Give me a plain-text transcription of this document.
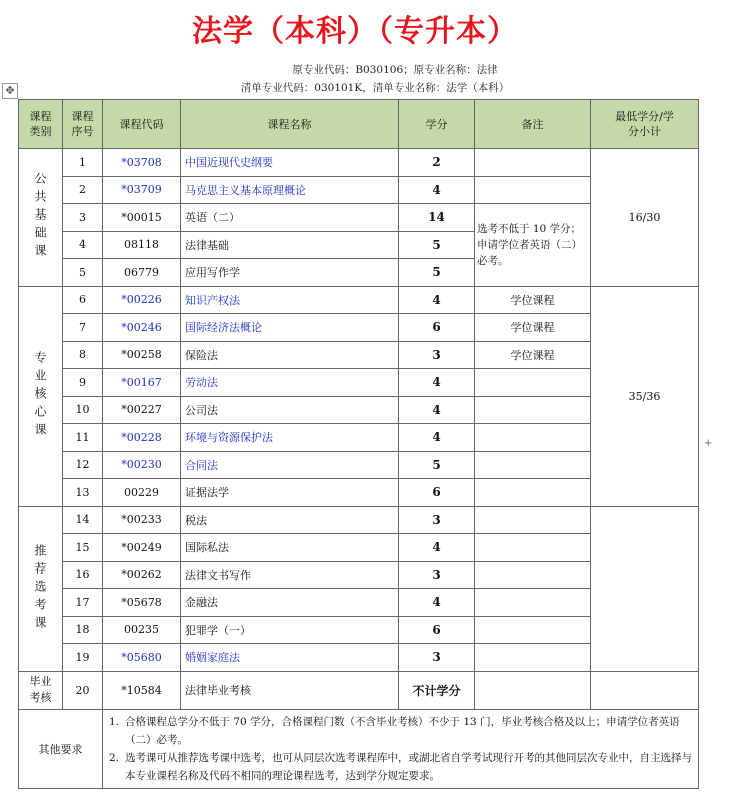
法学（本科）（专升本）
原专业代码：B030106；原专业名称：法律
清单专业代码：030101K，清单专业名称：法学（本科）
✥
+
课程类别	课程序号	课程代码	课程名称	学分	备注	最低学分/学分小计
公共基础课	1	*03708	中国近现代史纲要	2		16/30
	2	*03709	马克思主义基本原理概论	4		
	3	*00015	英语（二）	14	选考不低于 10 学分；申请学位者英语（二）必考。	
	4	08118	法律基础	5		
	5	06779	应用写作学	5		
专业核心课	6	*00226	知识产权法	4	学位课程	35/36
	7	*00246	国际经济法概论	6	学位课程	
	8	*00258	保险法	3	学位课程	
	9	*00167	劳动法	4		
	10	*00227	公司法	4		
	11	*00228	环境与资源保护法	4		
	12	*00230	合同法	5		
	13	00229	证据法学	6		
推荐选考课	14	*00233	税法	3		
	15	*00249	国际私法	4		
	16	*00262	法律文书写作	3		
	17	*05678	金融法	4		
	18	00235	犯罪学（一）	6		
	19	*05680	婚姻家庭法	3		
毕业考核	20	*10584	法律毕业考核	不计学分		
其他要求		1. 合格课程总学分不低于 70 学分，合格课程门数（不含毕业考核）不少于 13 门，毕业考核合格及以上；申请学位者英语（二）必考。
2. 选考课可从推荐选考课中选考，也可从同层次选考课程库中，或湖北省自学考试现行开考的其他同层次专业中，自主选择与本专业课程名称及代码不相同的理论课程选考，达到学分规定要求。				
